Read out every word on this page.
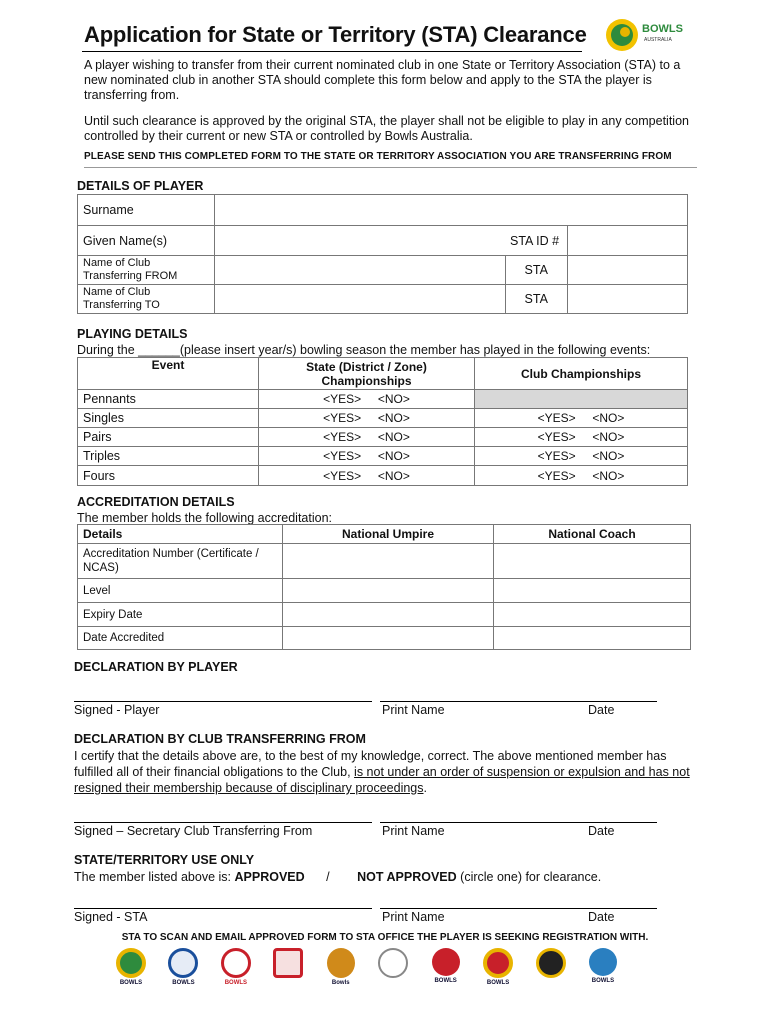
Application for State or Territory (STA) Clearance	BOWLS
AUSTRALIA
A player wishing to transfer from their current nominated club in one State or Territory Association (STA) to a new nominated club in another STA should complete this form below and apply to the STA the player is transferring from.
Until such clearance is approved by the original STA, the player shall not be eligible to play in any competition controlled by their current or new STA or controlled by Bowls Australia.
PLEASE SEND THIS COMPLETED FORM TO THE STATE OR TERRITORY ASSOCIATION YOU ARE TRANSFERRING FROM
DETAILS OF PLAYER
Surname			
Given Name(s)		STA ID #	
Name of Club Transferring FROM		STA	
Name of Club Transferring TO		STA	
PLAYING DETAILS
During the ______(please insert year/s) bowling season the member has played in the following events:
Event	State (District / Zone) Championships	Club Championships
Pennants	<YES> <NO>	
Singles	<YES> <NO>	<YES> <NO>
Pairs	<YES> <NO>	<YES> <NO>
Triples	<YES> <NO>	<YES> <NO>
Fours	<YES> <NO>	<YES> <NO>
ACCREDITATION DETAILS
The member holds the following accreditation:
Details	National Umpire	National Coach
Accreditation Number (Certificate / NCAS)		
Level		
Expiry Date		
Date Accredited		
DECLARATION BY PLAYER
Signed - Player	Print Name	Date
DECLARATION BY CLUB TRANSFERRING FROM
I certify that the details above are, to the best of my knowledge, correct. The above mentioned member has fulfilled all of their financial obligations to the Club, is not under an order of suspension or expulsion and has not resigned their membership because of disciplinary proceedings.
Signed – Secretary Club Transferring From	Print Name	Date
STATE/TERRITORY USE ONLY
The member listed above is: APPROVED / NOT APPROVED (circle one) for clearance.
Signed - STA	Print Name	Date
STA TO SCAN AND EMAIL APPROVED FORM TO STA OFFICE THE PLAYER IS SEEKING REGISTRATION WITH.
BOWLS	BOWLS	BOWLS	Bowls	BOWLS	BOWLS	BOWLS
